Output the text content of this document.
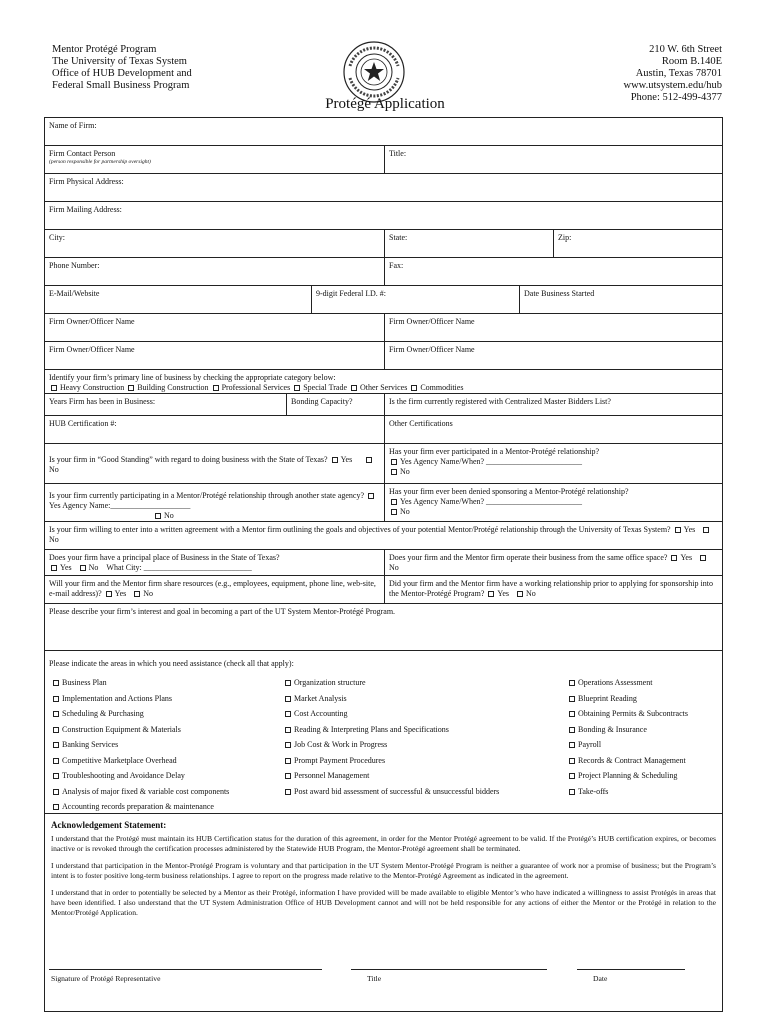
Mentor Protégé Program
The University of Texas System
Office of HUB Development and
Federal Small Business Program
210 W. 6th Street
Room B.140E
Austin, Texas 78701
www.utsystem.edu/hub
Phone: 512-499-4377
Protégé Application
Name of Firm:
Firm Contact Person
(person responsible for partnership oversight)
Title:
Firm Physical Address:
Firm Mailing Address:
City:	State:	Zip:
Phone Number:	Fax:
E-Mail/Website	9-digit Federal I.D. #:	Date Business Started
Firm Owner/Officer Name	Firm Owner/Officer Name
Firm Owner/Officer Name	Firm Owner/Officer Name
Identify your firm’s primary line of business by checking the appropriate category below:
Heavy Construction Building Construction Professional Services Special Trade Other Services Commodities
Years Firm has been in Business:	Bonding Capacity?	Is the firm currently registered with Centralized Master Bidders List?
HUB Certification #:	Other Certifications
Is your firm in “Good Standing” with regard to doing business with the State of Texas? Yes      No
Has your firm ever participated in a Mentor-Protégé relationship?
Yes Agency Name/When? ________________________
No
Is your firm currently participating in a Mentor/Protégé relationship through another state agency? Yes Agency Name:____________________
No
Has your firm ever been denied sponsoring a Mentor-Protégé relationship?
Yes Agency Name/When? ________________________
No
Is your firm willing to enter into a written agreement with a Mentor firm outlining the goals and objectives of your potential Mentor/Protégé relationship through the University of Texas System? Yes   No
Does your firm have a principal place of Business in the State of Texas?
Yes No What City: ___________________________
Does your firm and the Mentor firm operate their business from the same office space? Yes   No
Will your firm and the Mentor firm share resources (e.g., employees, equipment, phone line, web-site, e-mail address)? Yes No
Did your firm and the Mentor firm have a working relationship prior to applying for sponsorship into the Mentor-Protégé Program? Yes No
Please describe your firm’s interest and goal in becoming a part of the UT System Mentor-Protégé Program.
Please indicate the areas in which you need assistance (check all that apply):
Business Plan
Implementation and Actions Plans
Scheduling & Purchasing
Construction Equipment & Materials
Banking Services
Competitive Marketplace Overhead
Troubleshooting and Avoidance Delay
Analysis of major fixed & variable cost components
Accounting records preparation & maintenance
Organization structure
Market Analysis
Cost Accounting
Reading & Interpreting Plans and Specifications
Job Cost & Work in Progress
Prompt Payment Procedures
Personnel Management
Post award bid assessment of successful & unsuccessful bidders
Operations Assessment
Blueprint Reading
Obtaining Permits & Subcontracts
Bonding & Insurance
Payroll
Records & Contract Management
Project Planning & Scheduling
Take-offs
Acknowledgement Statement:

I understand that the Protégé must maintain its HUB Certification status for the duration of this agreement, in order for the Mentor Protégé agreement to be valid. If the Protégé’s HUB certification expires, or becomes inactive or is revoked through the certification processes administered by the Statewide HUB Program, the Mentor-Protégé agreement shall be terminated.

I understand that participation in the Mentor-Protégé Program is voluntary and that participation in the UT System Mentor-Protégé Program is neither a guarantee of work nor a promise of business; but the Program’s intent is to foster positive long-term business relationships. I agree to report on the progress made relative to the Mentor-Protégé Agreement as indicated in the agreement.

I understand that in order to potentially be selected by a Mentor as their Protégé, information I have provided will be made available to eligible Mentor’s who have indicated a willingness to assist Protégés in areas that have been identified. I also understand that the UT System Administration Office of HUB Development cannot and will not be held responsible for any actions of either the Mentor or the Protégé in relation to the Mentor/Protégé Application.

Signature of Protégé Representative	Title	Date
